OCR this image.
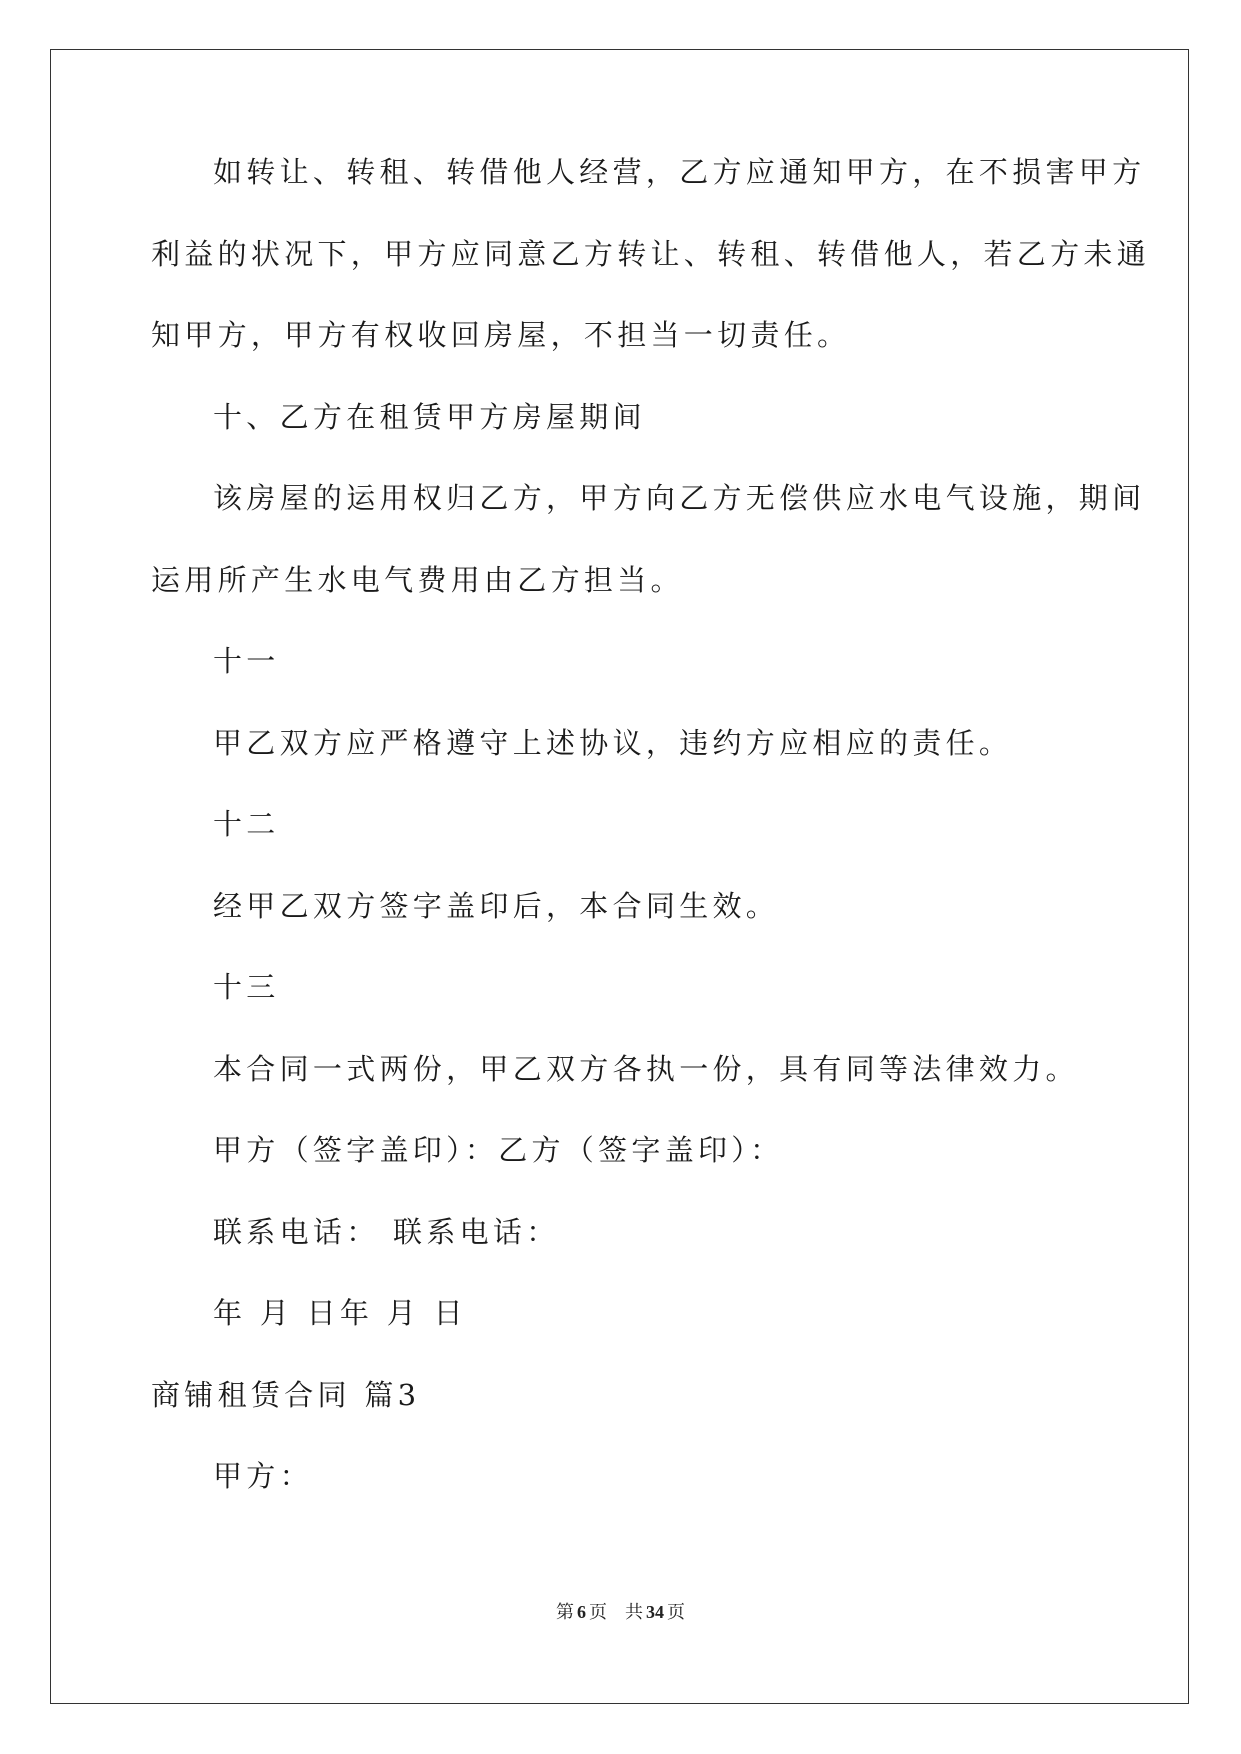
如转让、转租、转借他人经营，乙方应通知甲方，在不损害甲方
利益的状况下，甲方应同意乙方转让、转租、转借他人，若乙方未通
知甲方，甲方有权收回房屋，不担当一切责任。
十、乙方在租赁甲方房屋期间
该房屋的运用权归乙方，甲方向乙方无偿供应水电气设施，期间
运用所产生水电气费用由乙方担当。
十一
甲乙双方应严格遵守上述协议，违约方应相应的责任。
十二
经甲乙双方签字盖印后，本合同生效。
十三
本合同一式两份，甲乙双方各执一份，具有同等法律效力。
甲方（签字盖印）：乙方（签字盖印）：
联系电话： 联系电话：
年 月 日年 月 日
商铺租赁合同 篇3
甲方：
第 6 页 共 34 页
